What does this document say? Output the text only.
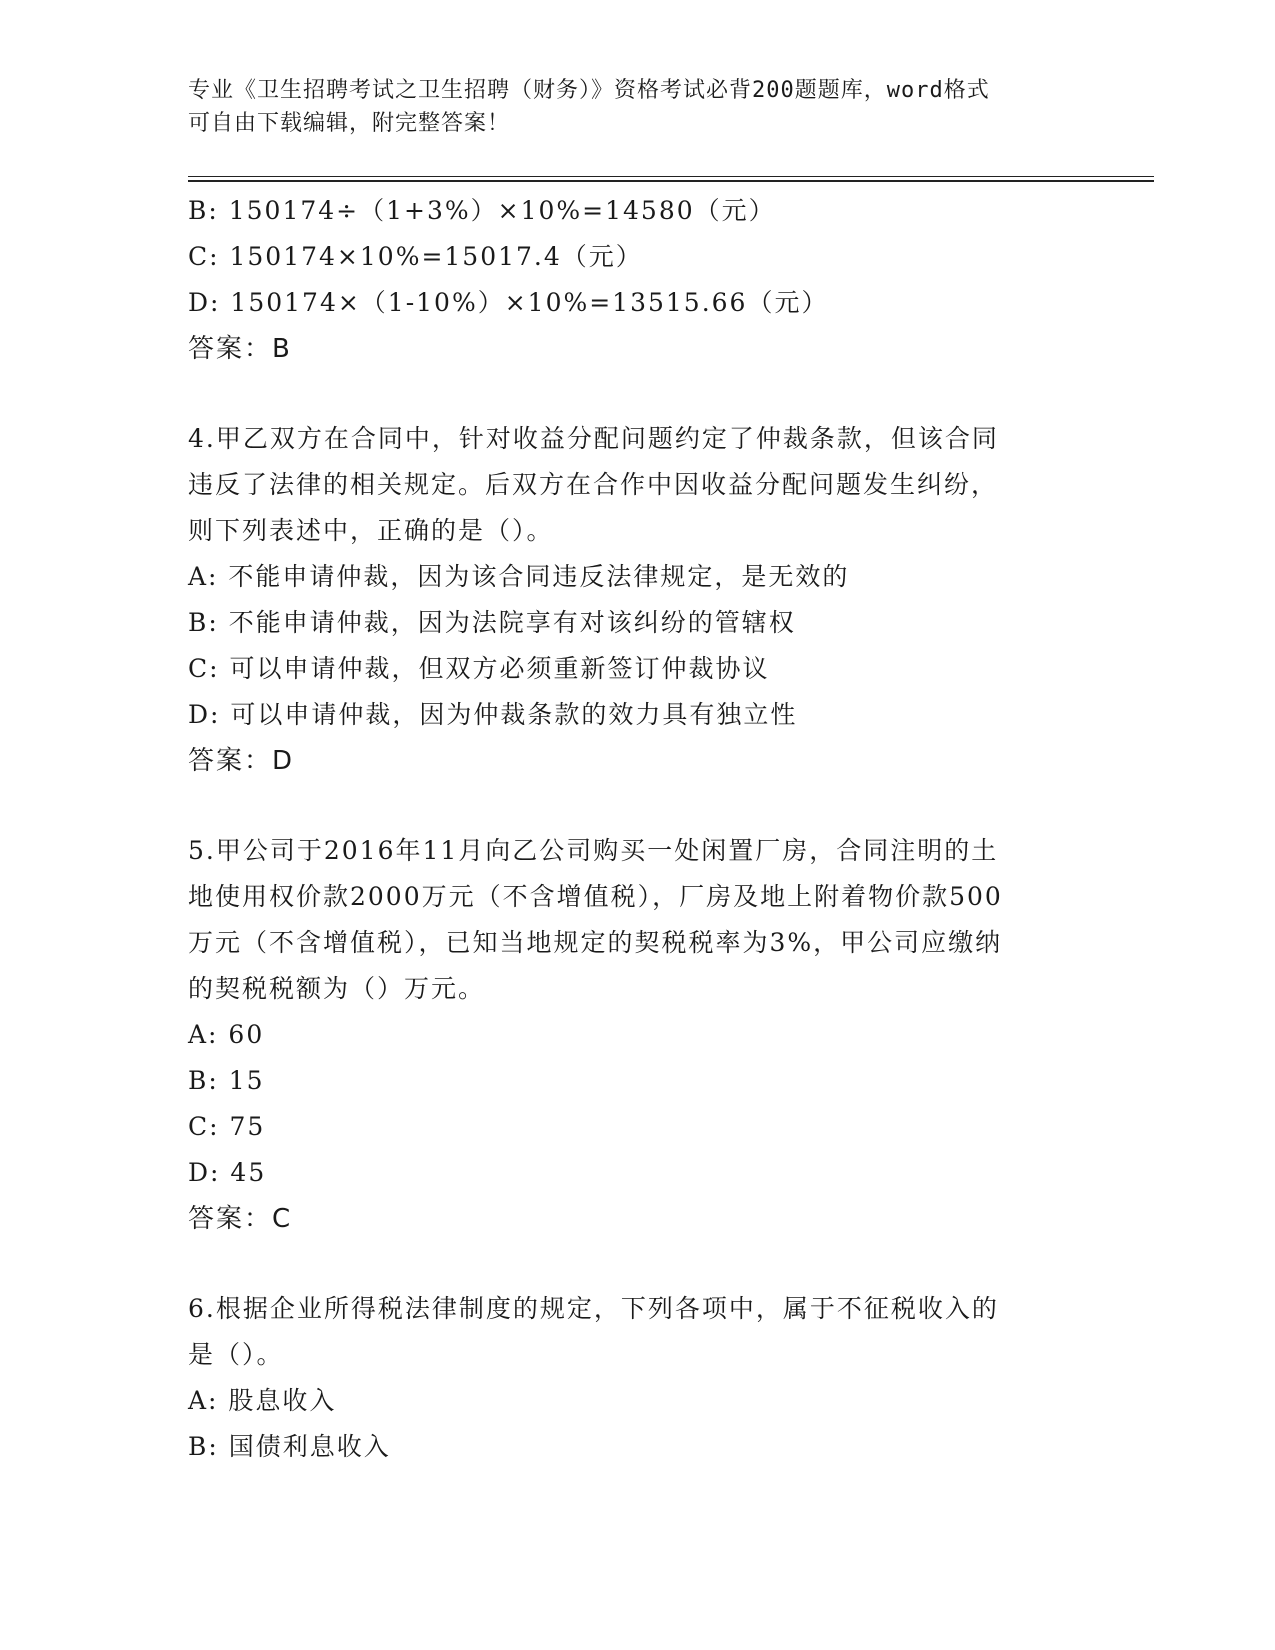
专业《卫生招聘考试之卫生招聘（财务）》资格考试必背200题题库，word格式
可自由下载编辑，附完整答案！
B: 150174÷（1+3%）×10%=14580（元）
C: 150174×10%=15017.4（元）
D: 150174×（1-10%）×10%=13515.66（元）
答案：B
4.甲乙双方在合同中，针对收益分配问题约定了仲裁条款，但该合同
违反了法律的相关规定。后双方在合作中因收益分配问题发生纠纷，
则下列表述中，正确的是（）。
A: 不能申请仲裁，因为该合同违反法律规定，是无效的
B: 不能申请仲裁，因为法院享有对该纠纷的管辖权
C: 可以申请仲裁，但双方必须重新签订仲裁协议
D: 可以申请仲裁，因为仲裁条款的效力具有独立性
答案：D
5.甲公司于2016年11月向乙公司购买一处闲置厂房，合同注明的土
地使用权价款2000万元（不含增值税），厂房及地上附着物价款500
万元（不含增值税），已知当地规定的契税税率为3%，甲公司应缴纳
的契税税额为（）万元。
A: 60
B: 15
C: 75
D: 45
答案：C
6.根据企业所得税法律制度的规定，下列各项中，属于不征税收入的
是（）。
A: 股息收入
B: 国债利息收入
